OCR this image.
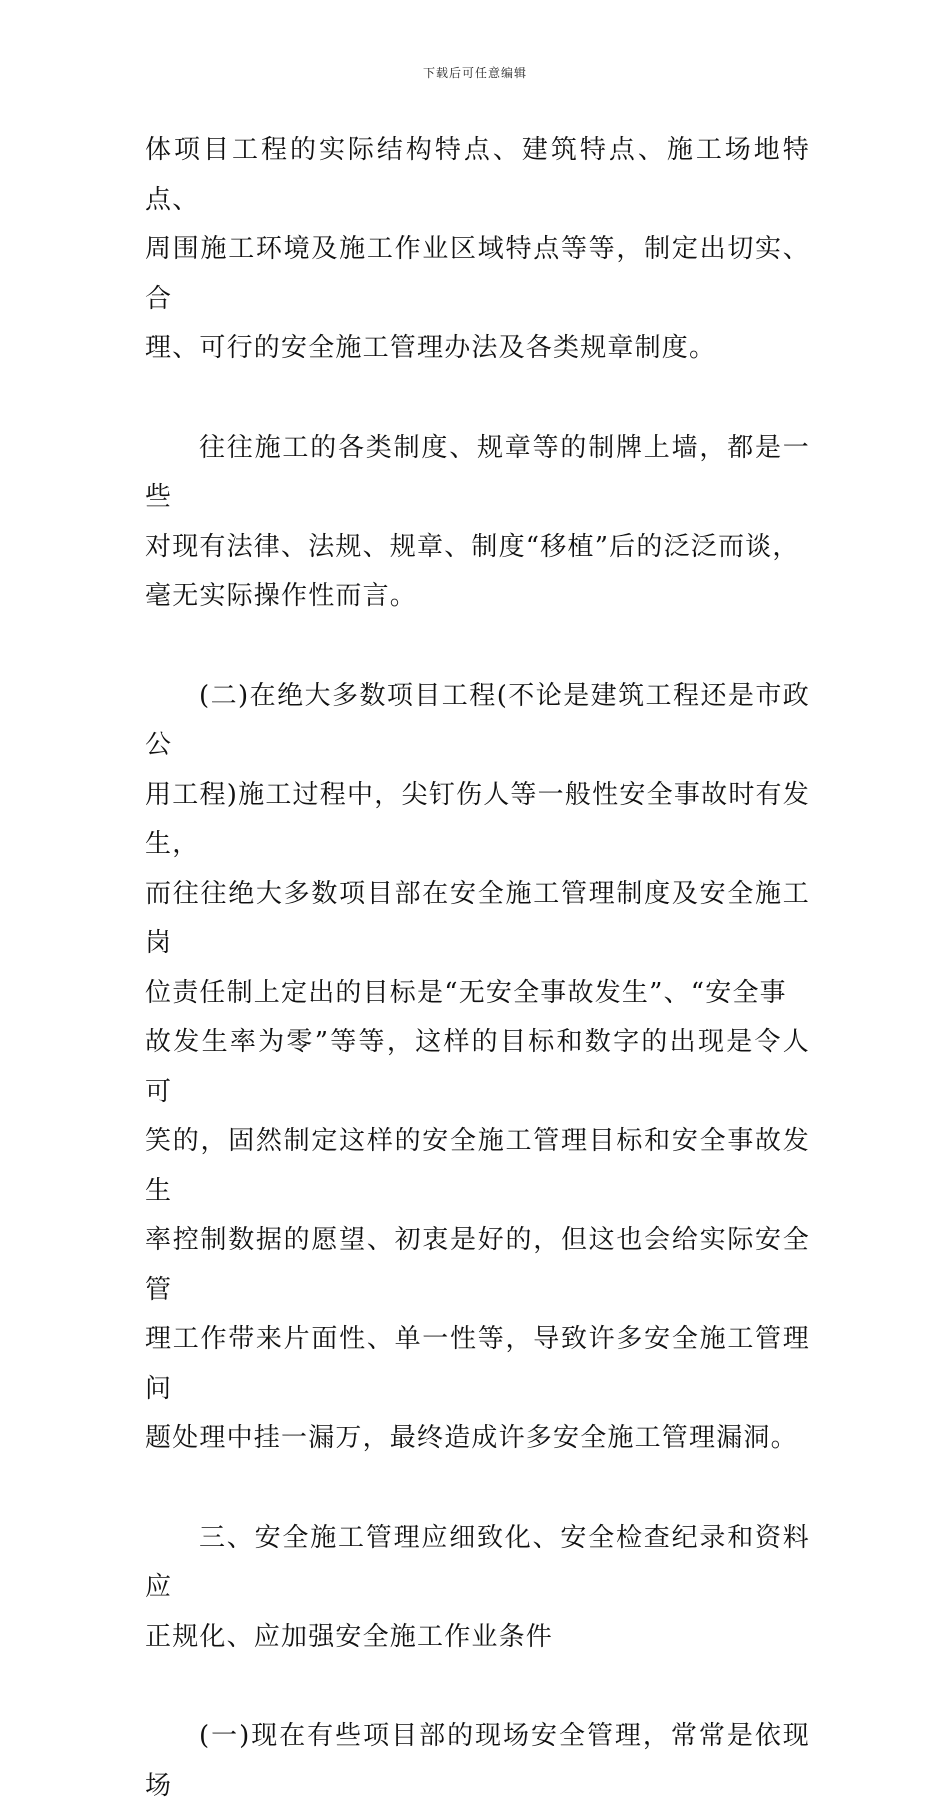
下载后可任意编辑

体项目工程的实际结构特点、建筑特点、施工场地特点、
周围施工环境及施工作业区域特点等等，制定出切实、合
理、可行的安全施工管理办法及各类规章制度。

往往施工的各类制度、规章等的制牌上墙，都是一些
对现有法律、法规、规章、制度“移植”后的泛泛而谈，
毫无实际操作性而言。

(二)在绝大多数项目工程(不论是建筑工程还是市政公
用工程)施工过程中，尖钉伤人等一般性安全事故时有发生，
而往往绝大多数项目部在安全施工管理制度及安全施工岗
位责任制上定出的目标是“无安全事故发生”、“安全事
故发生率为零”等等，这样的目标和数字的出现是令人可
笑的，固然制定这样的安全施工管理目标和安全事故发生
率控制数据的愿望、初衷是好的，但这也会给实际安全管
理工作带来片面性、单一性等，导致许多安全施工管理问
题处理中挂一漏万，最终造成许多安全施工管理漏洞。

三、安全施工管理应细致化、安全检查纪录和资料应
正规化、应加强安全施工作业条件

(一)现在有些项目部的现场安全管理，常常是依现场
